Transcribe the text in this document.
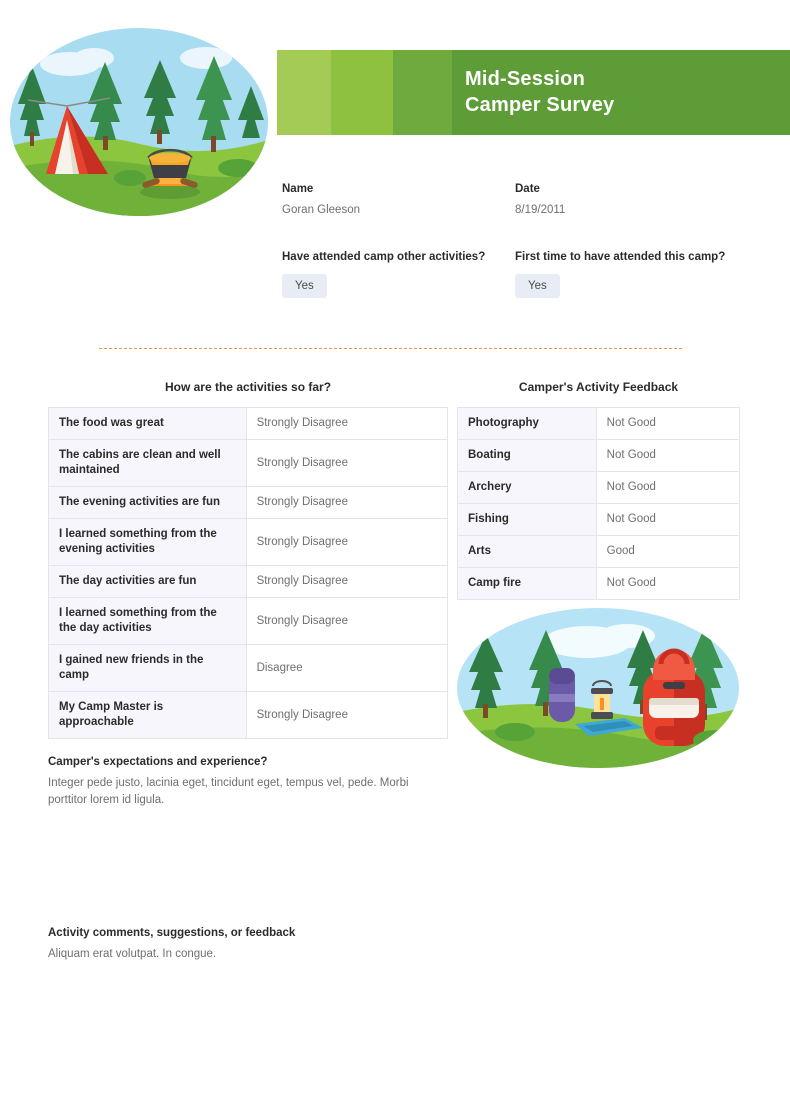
Mid-Session
Camper Survey
Name
Goran Gleeson
Date
8/19/2011
Have attended camp other activities?
Yes
First time to have attended this camp?
Yes
How are the activities so far?
The food was great	Strongly Disagree
The cabins are clean and well maintained	Strongly Disagree
The evening activities are fun	Strongly Disagree
I learned something from the evening activities	Strongly Disagree
The day activities are fun	Strongly Disagree
I learned something from the the day activities	Strongly Disagree
I gained new friends in the camp	Disagree
My Camp Master is approachable	Strongly Disagree
Camper's Activity Feedback
Photography	Not Good
Boating	Not Good
Archery	Not Good
Fishing	Not Good
Arts	Good
Camp fire	Not Good
Camper's expectations and experience?
Integer pede justo, lacinia eget, tincidunt eget, tempus vel, pede. Morbi porttitor lorem id ligula.
Activity comments, suggestions, or feedback
Aliquam erat volutpat. In congue.
